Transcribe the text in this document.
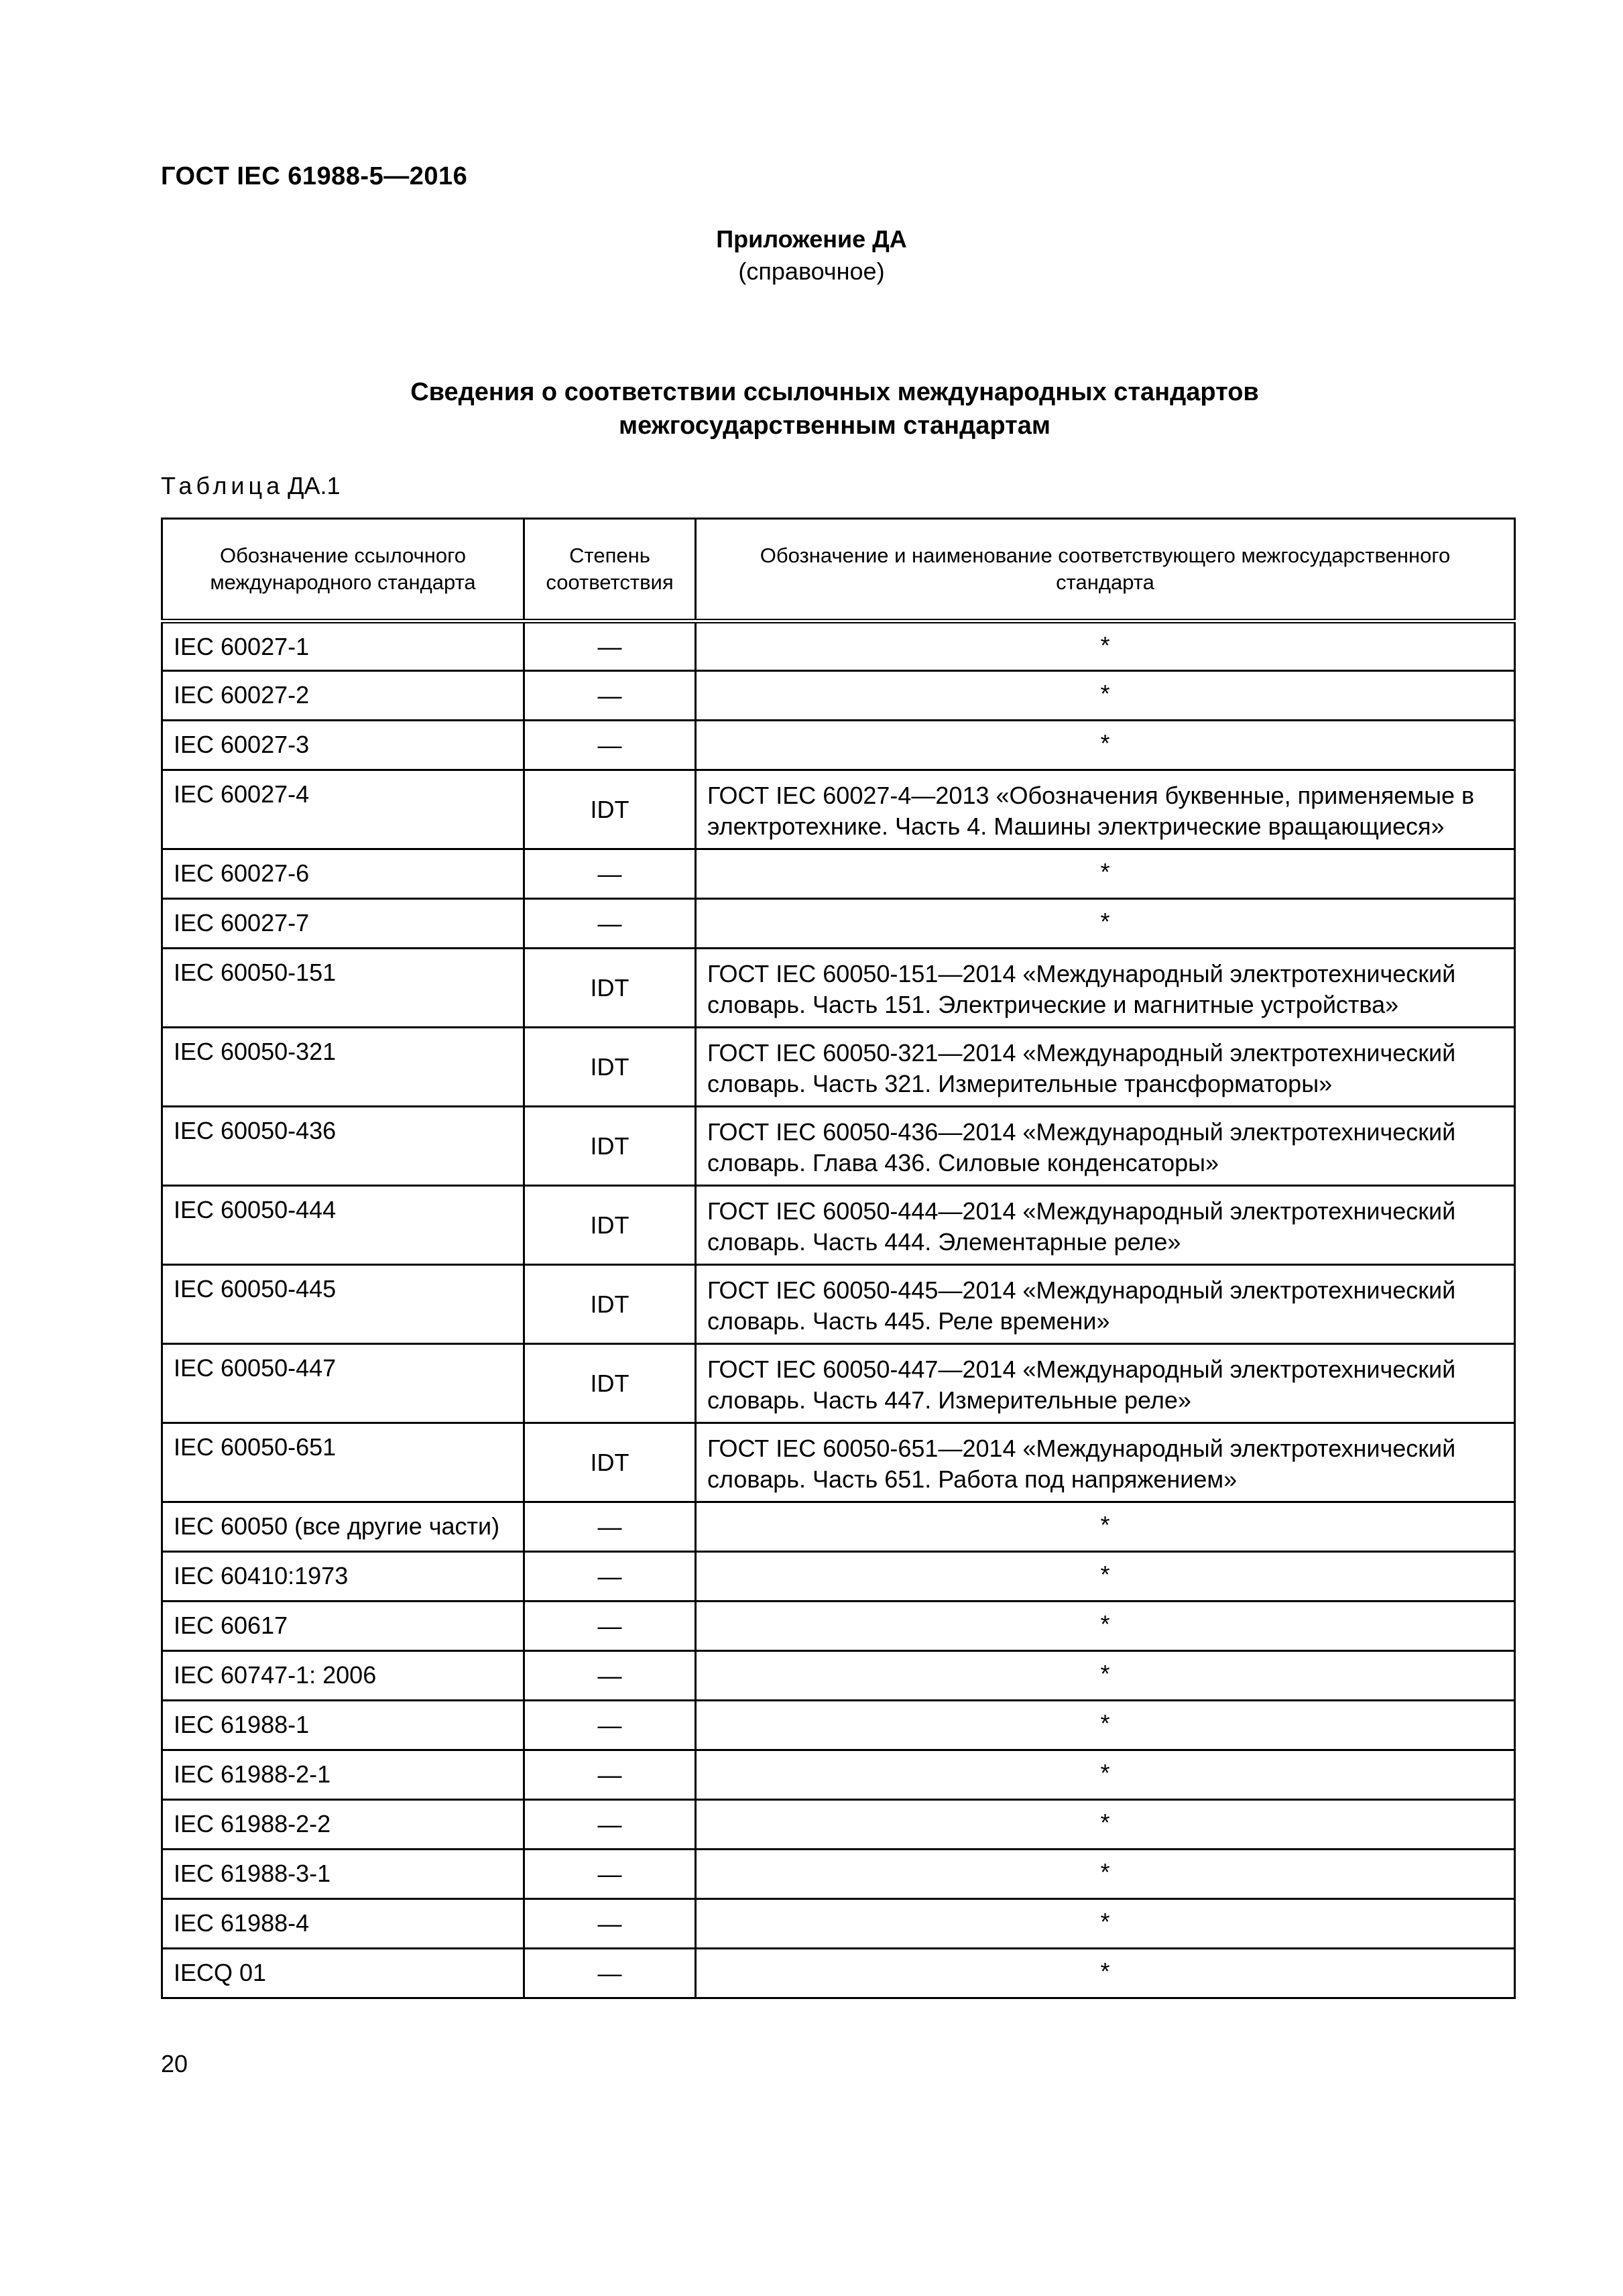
ГОСТ IEC 61988-5—2016
Приложение ДА
(справочное)
Сведения о соответствии ссылочных международных стандартов
межгосударственным стандартам
Таблица ДА.1
Обозначение ссылочного международного стандарта	Степень соответствия	Обозначение и наименование соответствующего межгосударственного стандарта
IEC 60027-1	—	*
IEC 60027-2	—	*
IEC 60027-3	—	*
IEC 60027-4	IDT	ГОСТ IEC 60027-4—2013 «Обозначения буквенные, применяемые в электротехнике. Часть 4. Машины электрические вращающиеся»
IEC 60027-6	—	*
IEC 60027-7	—	*
IEC 60050-151	IDT	ГОСТ IEC 60050-151—2014 «Международный электротехнический словарь. Часть 151. Электрические и магнитные устройства»
IEC 60050-321	IDT	ГОСТ IEC 60050-321—2014 «Международный электротехнический словарь. Часть 321. Измерительные трансформаторы»
IEC 60050-436	IDT	ГОСТ IEC 60050-436—2014 «Международный электротехнический словарь. Глава 436. Силовые конденсаторы»
IEC 60050-444	IDT	ГОСТ IEC 60050-444—2014 «Международный электротехнический словарь. Часть 444. Элементарные реле»
IEC 60050-445	IDT	ГОСТ IEC 60050-445—2014 «Международный электротехнический словарь. Часть 445. Реле времени»
IEC 60050-447	IDT	ГОСТ IEC 60050-447—2014 «Международный электротехнический словарь. Часть 447. Измерительные реле»
IEC 60050-651	IDT	ГОСТ IEC 60050-651—2014 «Международный электротехнический словарь. Часть 651. Работа под напряжением»
IEC 60050 (все другие части)	—	*
IEC 60410:1973	—	*
IEC 60617	—	*
IEC 60747-1: 2006	—	*
IEC 61988-1	—	*
IEC 61988-2-1	—	*
IEC 61988-2-2	—	*
IEC 61988-3-1	—	*
IEC 61988-4	—	*
IECQ 01	—	*
20
